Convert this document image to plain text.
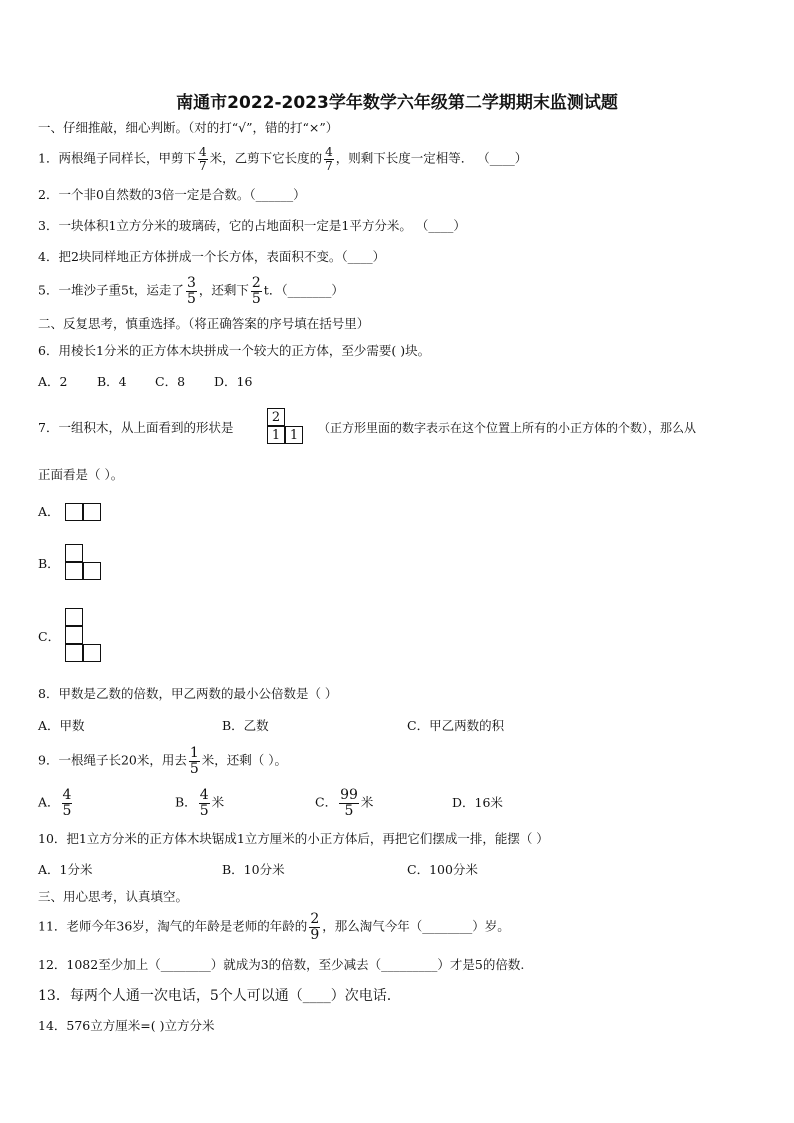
南通市2022-2023学年数学六年级第二学期期末监测试题
一、仔细推敲，细心判断。（对的打“√”，错的打“×”）
1．两根绳子同样长，甲剪下 $\frac{4}{7}$ 米，乙剪下它长度的 $\frac{4}{7}$ ，则剩下长度一定相等． （____）
2．一个非0自然数的3倍一定是合数。（______）
3．一块体积1立方分米的玻璃砖，它的占地面积一定是1平方分米。 （____）
4．把2块同样地正方体拼成一个长方体，表面积不变。（____）
5．一堆沙子重5t，运走了 $\frac{3}{5}$ ，还剩下 $\frac{2}{5}$ t．（_______）
二、反复思考，慎重选择。（将正确答案的序号填在括号里）
6．用棱长1分米的正方体木块拼成一个较大的正方体，至少需要( )块。
A．2 B．4 C．8 D．16
7．一组积木，从上面看到的形状是
2
1 1	（正方形里面的数字表示在这个位置上所有的小正方体的个数），那么从
正面看是（ ）。
A．
B．
C．
8．甲数是乙数的倍数，甲乙两数的最小公倍数是（ ）
A．甲数	B．乙数	C．甲乙两数的积
9．一根绳子长20米，用去 $\frac{1}{5}$ 米，还剩（ ）。
A． $\frac{4}{5}$	B． $\frac{4}{5}$ 米	C． $\frac{99}{5}$ 米	D．16米
10．把1立方分米的正方体木块锯成1立方厘米的小正方体后，再把它们摆成一排，能摆（ ）
A．1分米	B．10分米	C．100分米
三、用心思考，认真填空。
11．老师今年36岁，淘气的年龄是老师的年龄的 $\frac{2}{9}$ ，那么淘气今年（________）岁。
12．1082至少加上（________）就成为3的倍数，至少减去（_________）才是5的倍数.
13．每两个人通一次电话，5个人可以通（____）次电话.
14．576立方厘米=( )立方分米
